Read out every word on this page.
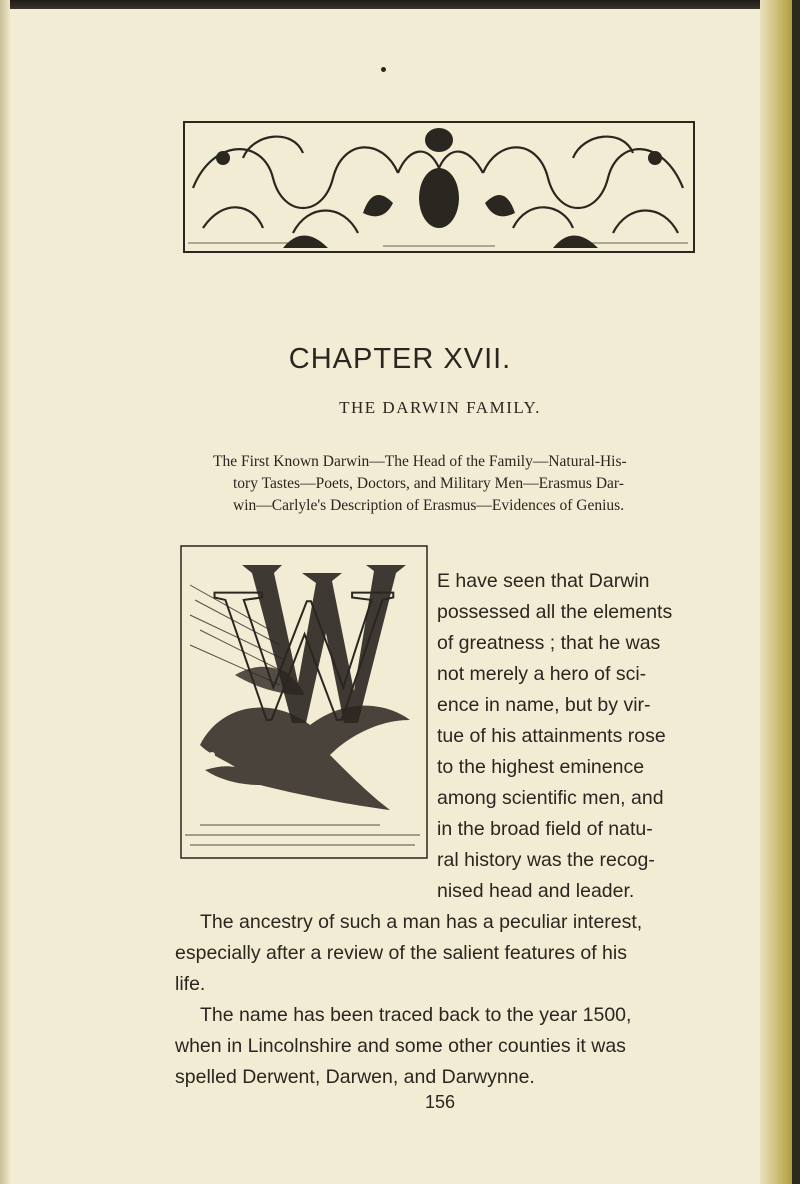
CHAPTER XVII.
THE DARWIN FAMILY.
The First Known Darwin—The Head of the Family—Natural-His-
tory Tastes—Poets, Doctors, and Military Men—Erasmus Dar-
win—Carlyle's Description of Erasmus—Evidences of Genius.
W E have seen that Darwin
possessed all the elements
of greatness ; that he was
not merely a hero of sci-
ence in name, but by vir-
tue of his attainments rose
to the highest eminence
among scientific men, and
in the broad field of natu-
ral history was the recog-
nised head and leader.
The ancestry of such a man has a peculiar interest,
especially after a review of the salient features of his
life.
The name has been traced back to the year 1500,
when in Lincolnshire and some other counties it was
spelled Derwent, Darwen, and Darwynne.
156
